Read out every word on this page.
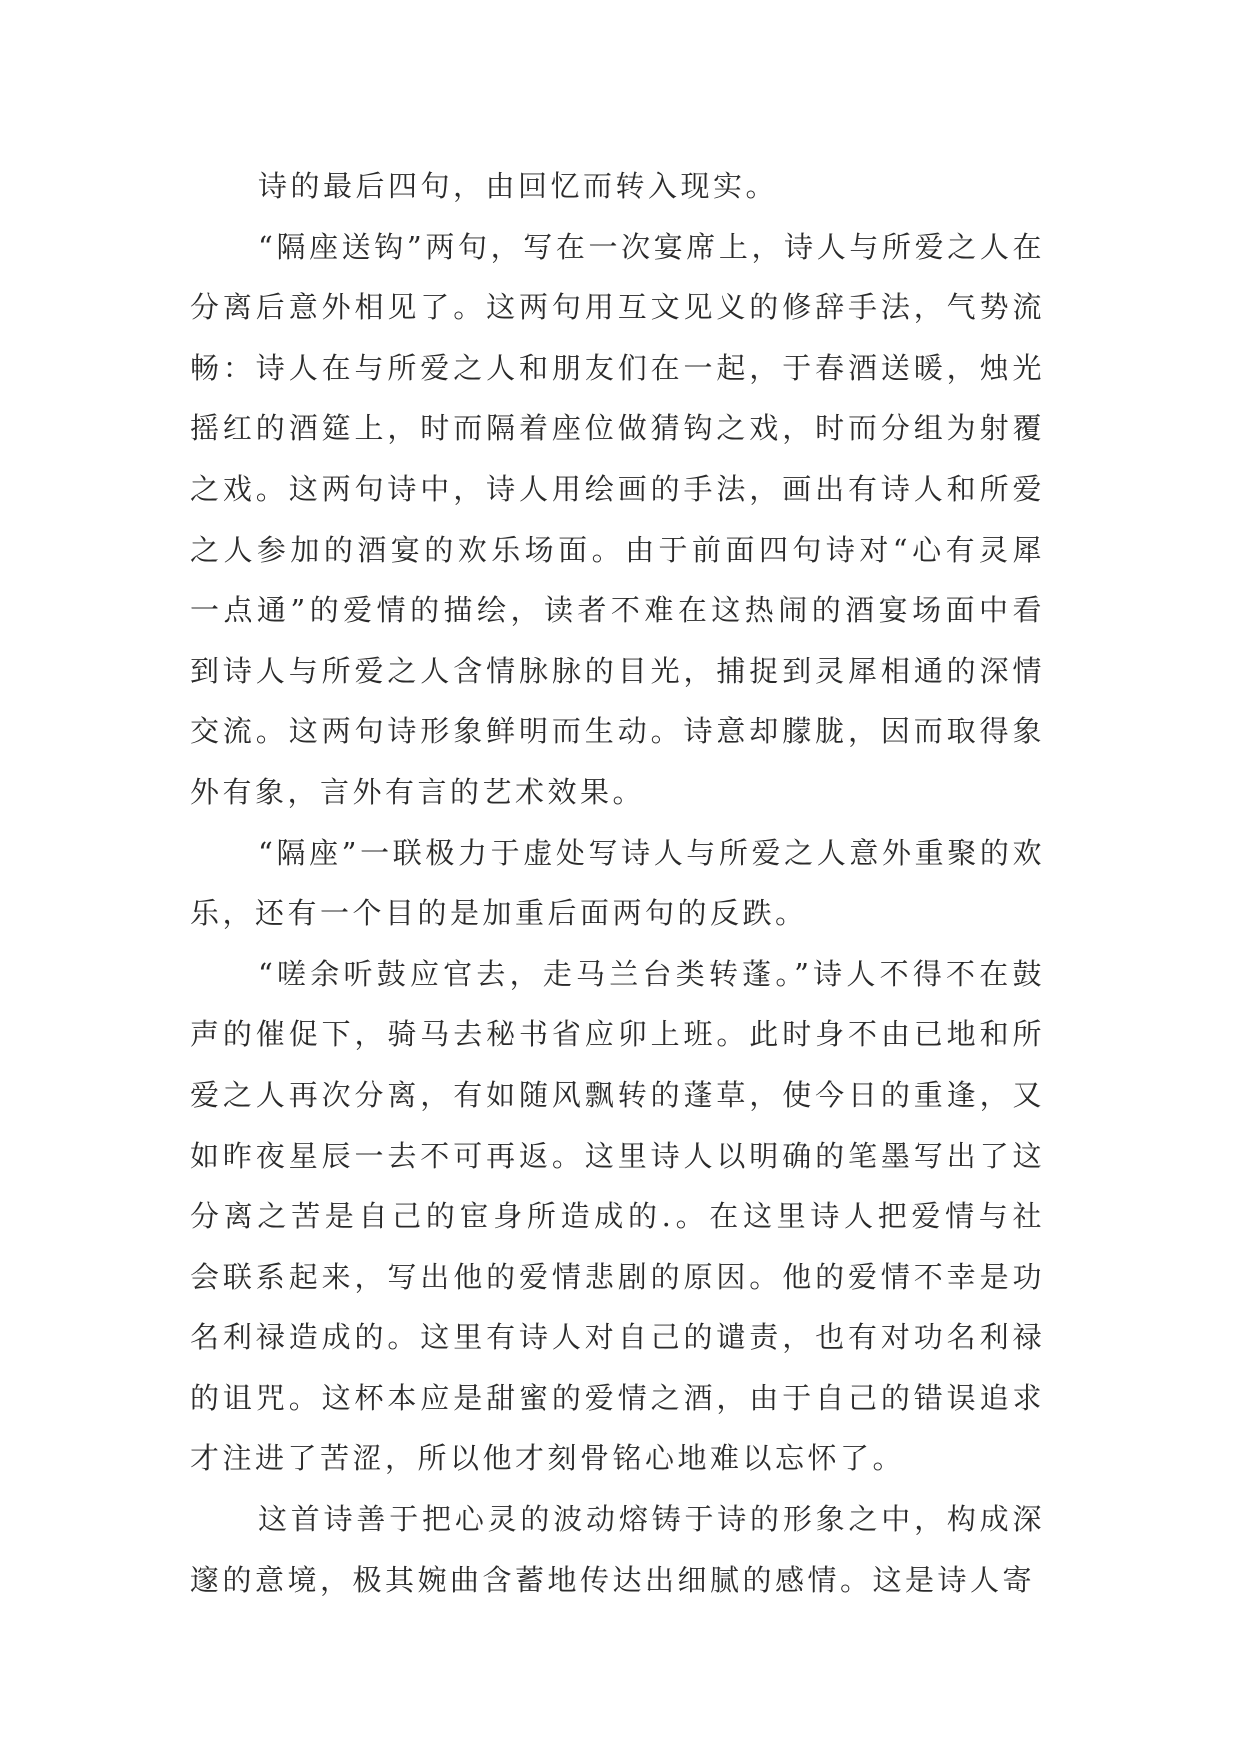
诗的最后四句，由回忆而转入现实。

“隔座送钩”两句，写在一次宴席上，诗人与所爱之人在分离后意外相见了。这两句用互文见义的修辞手法，气势流畅：诗人在与所爱之人和朋友们在一起，于春酒送暖，烛光摇红的酒筵上，时而隔着座位做猜钩之戏，时而分组为射覆之戏。这两句诗中，诗人用绘画的手法，画出有诗人和所爱之人参加的酒宴的欢乐场面。由于前面四句诗对“心有灵犀一点通”的爱情的描绘，读者不难在这热闹的酒宴场面中看到诗人与所爱之人含情脉脉的目光，捕捉到灵犀相通的深情交流。这两句诗形象鲜明而生动。诗意却朦胧，因而取得象外有象，言外有言的艺术效果。

“隔座”一联极力于虚处写诗人与所爱之人意外重聚的欢乐，还有一个目的是加重后面两句的反跌。

“嗟余听鼓应官去，走马兰台类转蓬。”诗人不得不在鼓声的催促下，骑马去秘书省应卯上班。此时身不由已地和所爱之人再次分离，有如随风飘转的蓬草，使今日的重逢，又如昨夜星辰一去不可再返。这里诗人以明确的笔墨写出了这分离之苦是自己的宦身所造成的.。在这里诗人把爱情与社会联系起来，写出他的爱情悲剧的原因。他的爱情不幸是功名利禄造成的。这里有诗人对自己的谴责，也有对功名利禄的诅咒。这杯本应是甜蜜的爱情之酒，由于自己的错误追求才注进了苦涩，所以他才刻骨铭心地难以忘怀了。

这首诗善于把心灵的波动熔铸于诗的形象之中，构成深邃的意境，极其婉曲含蓄地传达出细腻的感情。这是诗人寄
